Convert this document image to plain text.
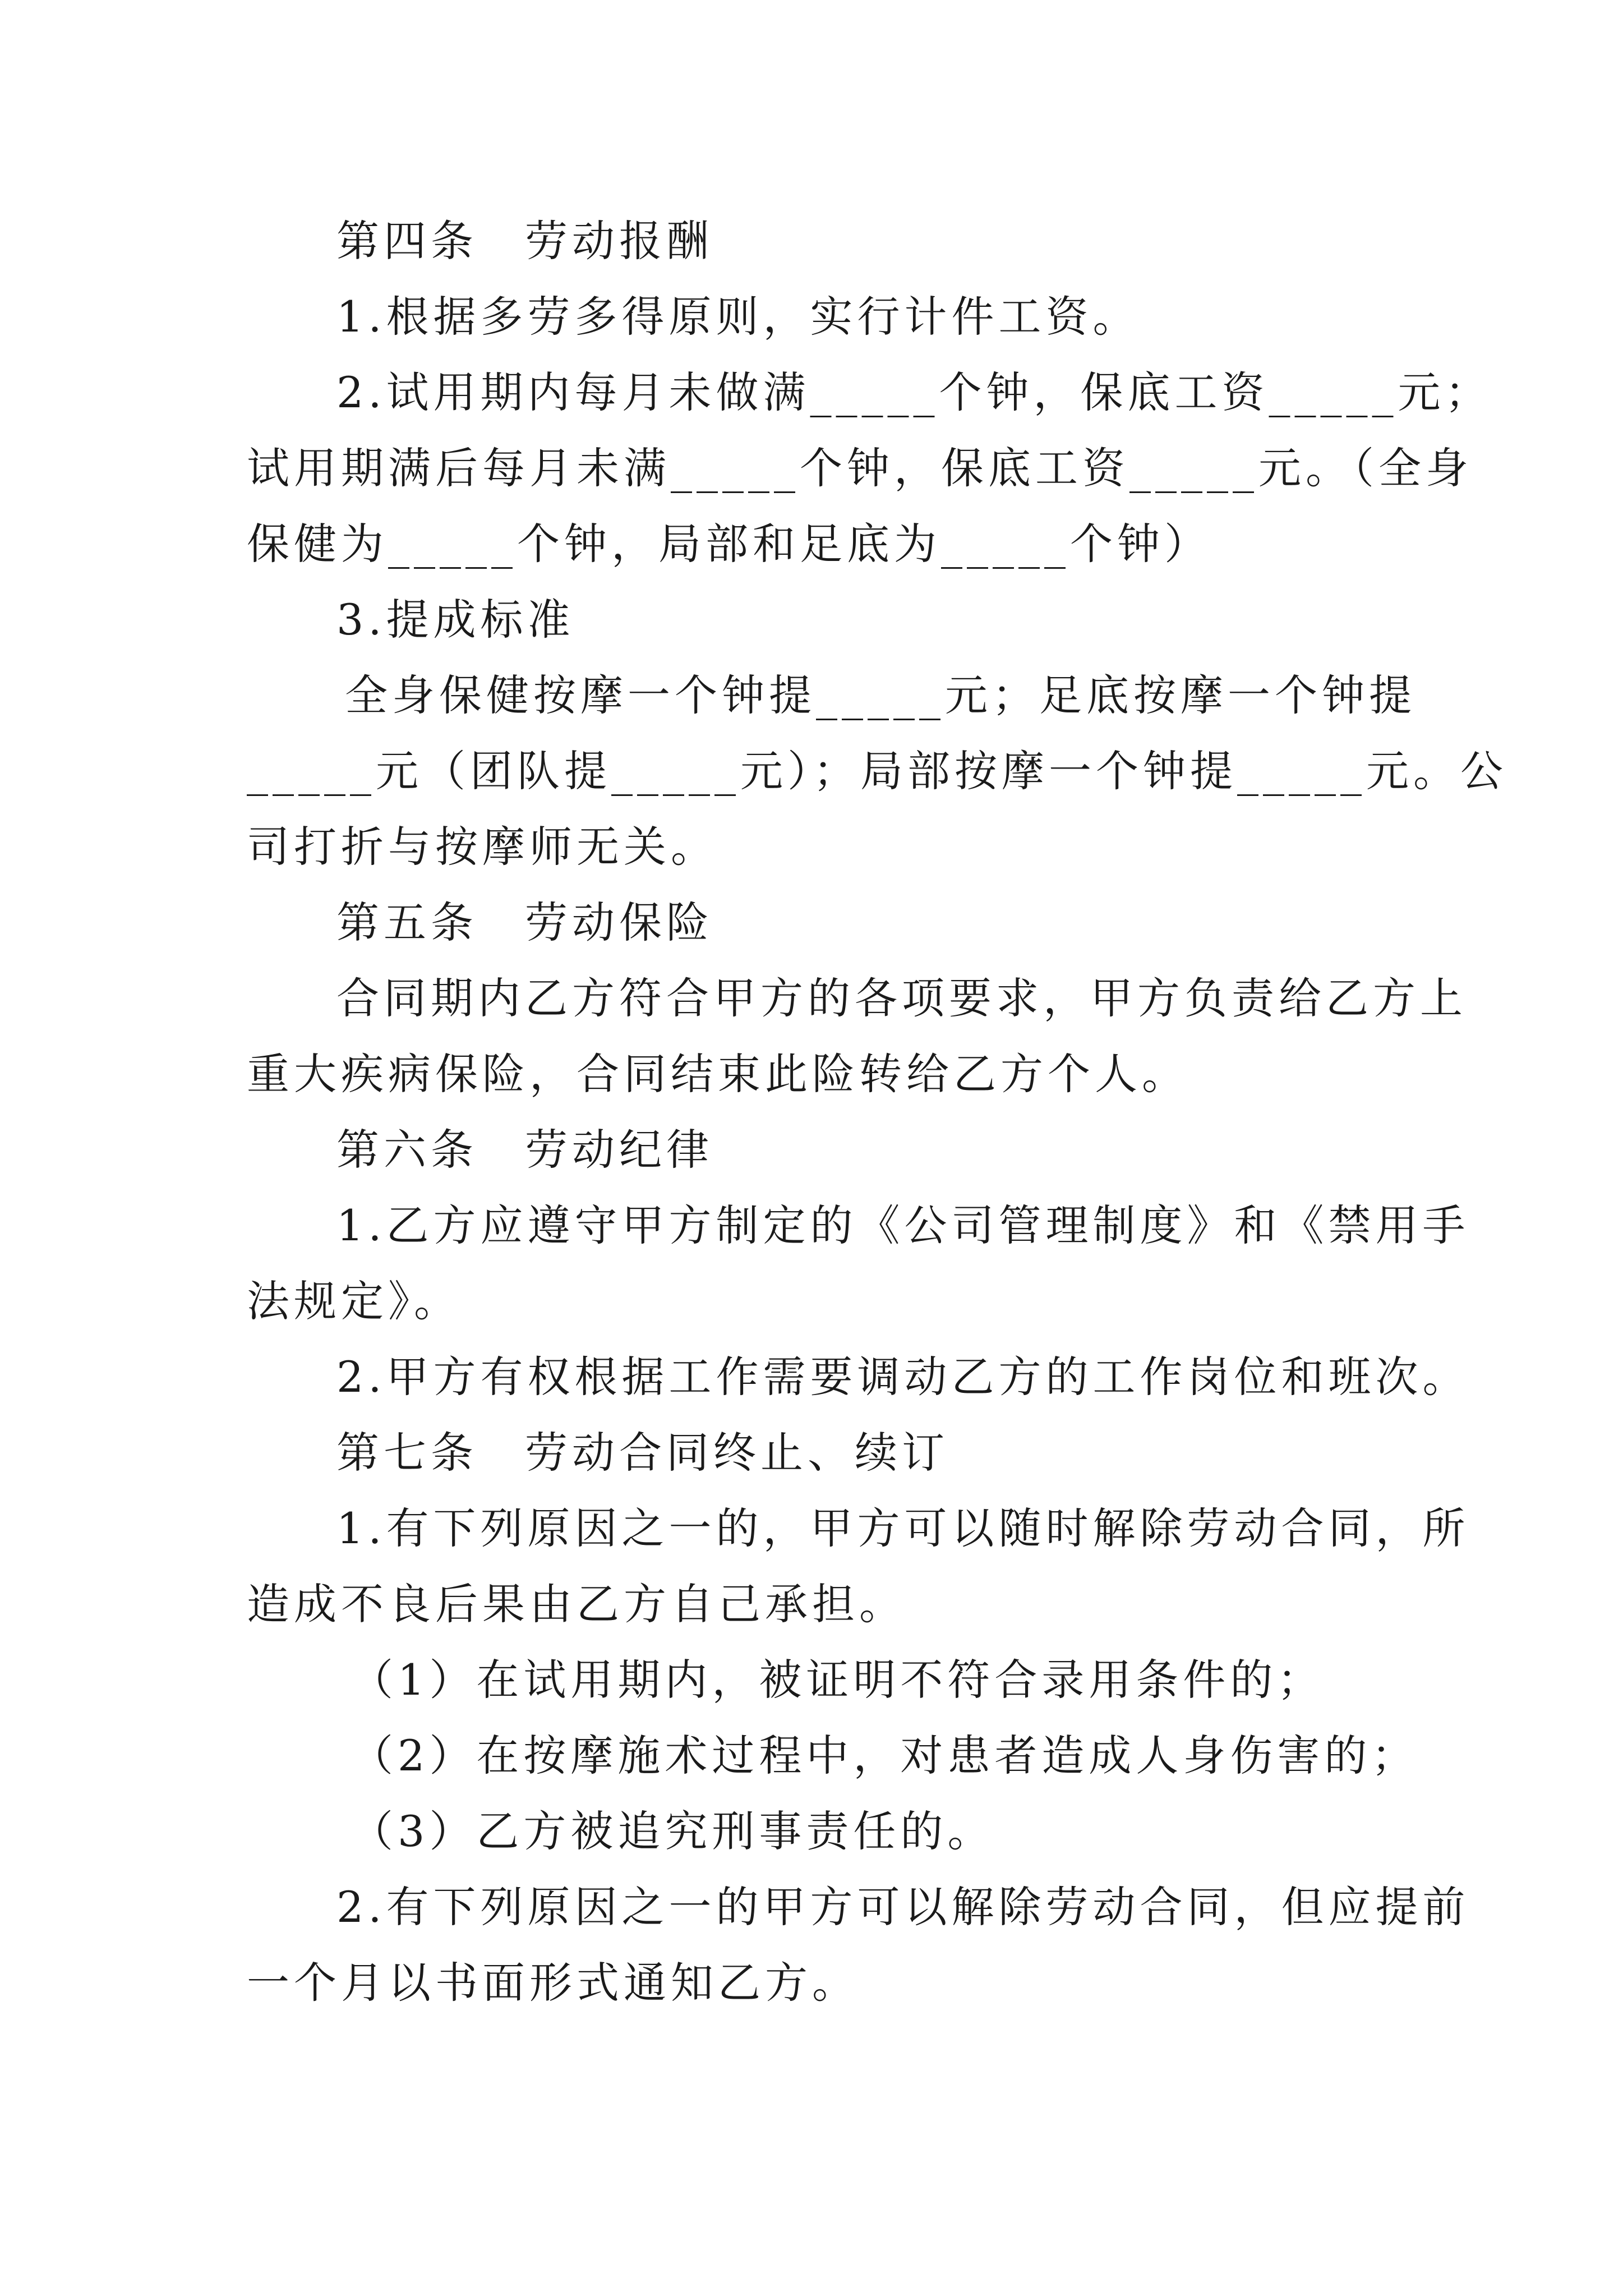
第四条　劳动报酬
1.根据多劳多得原则，实行计件工资。
2.试用期内每月未做满_____个钟，保底工资_____元；
试用期满后每月未满_____个钟，保底工资_____元。（全身
保健为_____个钟，局部和足底为_____个钟）
3.提成标准
全身保健按摩一个钟提_____元；足底按摩一个钟提
_____元（团队提_____元）；局部按摩一个钟提_____元。公
司打折与按摩师无关。
第五条　劳动保险
合同期内乙方符合甲方的各项要求，甲方负责给乙方上
重大疾病保险，合同结束此险转给乙方个人。
第六条　劳动纪律
1.乙方应遵守甲方制定的《公司管理制度》和《禁用手
法规定》。
2.甲方有权根据工作需要调动乙方的工作岗位和班次。
第七条　劳动合同终止、续订
1.有下列原因之一的，甲方可以随时解除劳动合同，所
造成不良后果由乙方自己承担。
（1）在试用期内，被证明不符合录用条件的；
（2）在按摩施术过程中，对患者造成人身伤害的；
（3）乙方被追究刑事责任的。
2.有下列原因之一的甲方可以解除劳动合同，但应提前
一个月以书面形式通知乙方。
